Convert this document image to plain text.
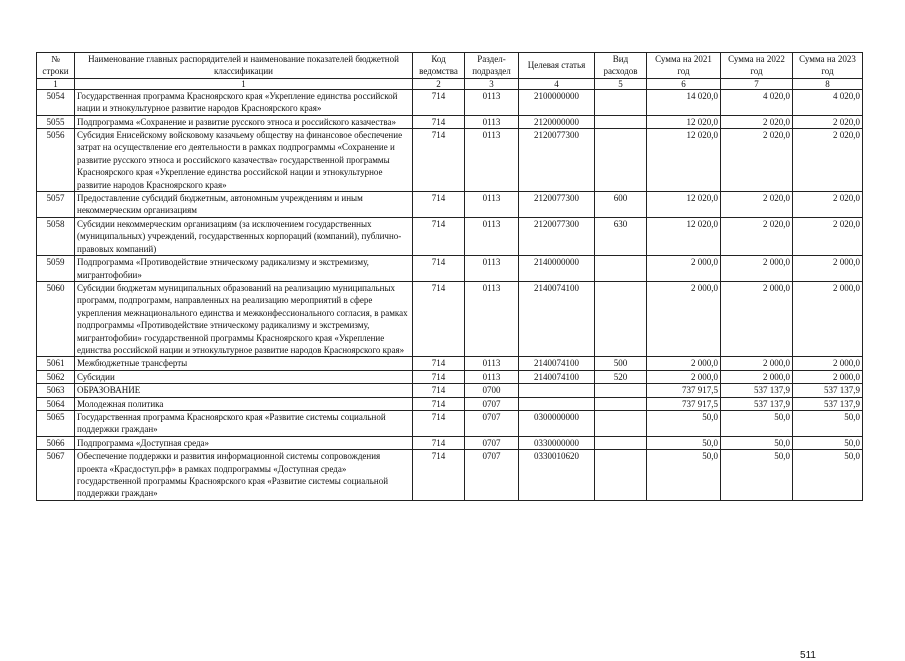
№ строки	Наименование главных распорядителей и наименование показателей бюджетной классификации	Код ведомства	Раздел-подраздел	Целевая статья	Вид расходов	Сумма на 2021 год	Сумма на 2022 год	Сумма на 2023 год
1	1	2	3	4	5	6	7	8
5054	Государственная программа Красноярского края «Укрепление единства российской нации и этнокультурное развитие народов Красноярского края»	714	0113	2100000000		14 020,0	4 020,0	4 020,0
5055	Подпрограмма «Сохранение и развитие русского этноса и российского казачества»	714	0113	2120000000		12 020,0	2 020,0	2 020,0
5056	Субсидия Енисейскому войсковому казачьему обществу на финансовое обеспечение затрат на осуществление его деятельности в рамках подпрограммы «Сохранение и развитие русского этноса и российского казачества» государственной программы Красноярского края «Укрепление единства российской нации и этнокультурное развитие народов Красноярского края»	714	0113	2120077300		12 020,0	2 020,0	2 020,0
5057	Предоставление субсидий бюджетным, автономным учреждениям и иным некоммерческим организациям	714	0113	2120077300	600	12 020,0	2 020,0	2 020,0
5058	Субсидии некоммерческим организациям (за исключением государственных (муниципальных) учреждений, государственных корпораций (компаний), публично-правовых компаний)	714	0113	2120077300	630	12 020,0	2 020,0	2 020,0
5059	Подпрограмма «Противодействие этническому радикализму и экстремизму, мигрантофобии»	714	0113	2140000000		2 000,0	2 000,0	2 000,0
5060	Субсидии бюджетам муниципальных образований на реализацию муниципальных программ, подпрограмм, направленных на реализацию мероприятий в сфере укрепления межнационального единства и межконфессионального согласия, в рамках подпрограммы «Противодействие этническому радикализму и экстремизму, мигрантофобии» государственной программы Красноярского края «Укрепление единства российской нации и этнокультурное развитие народов Красноярского края»	714	0113	2140074100		2 000,0	2 000,0	2 000,0
5061	Межбюджетные трансферты	714	0113	2140074100	500	2 000,0	2 000,0	2 000,0
5062	Субсидии	714	0113	2140074100	520	2 000,0	2 000,0	2 000,0
5063	ОБРАЗОВАНИЕ	714	0700			737 917,5	537 137,9	537 137,9
5064	Молодежная политика	714	0707			737 917,5	537 137,9	537 137,9
5065	Государственная программа Красноярского края «Развитие системы социальной поддержки граждан»	714	0707	0300000000		50,0	50,0	50,0
5066	Подпрограмма «Доступная среда»	714	0707	0330000000		50,0	50,0	50,0
5067	Обеспечение поддержки и развития информационной системы сопровождения проекта «Красдоступ.рф» в рамках подпрограммы «Доступная среда» государственной программы Красноярского края «Развитие системы социальной поддержки граждан»	714	0707	0330010620		50,0	50,0	50,0
511
